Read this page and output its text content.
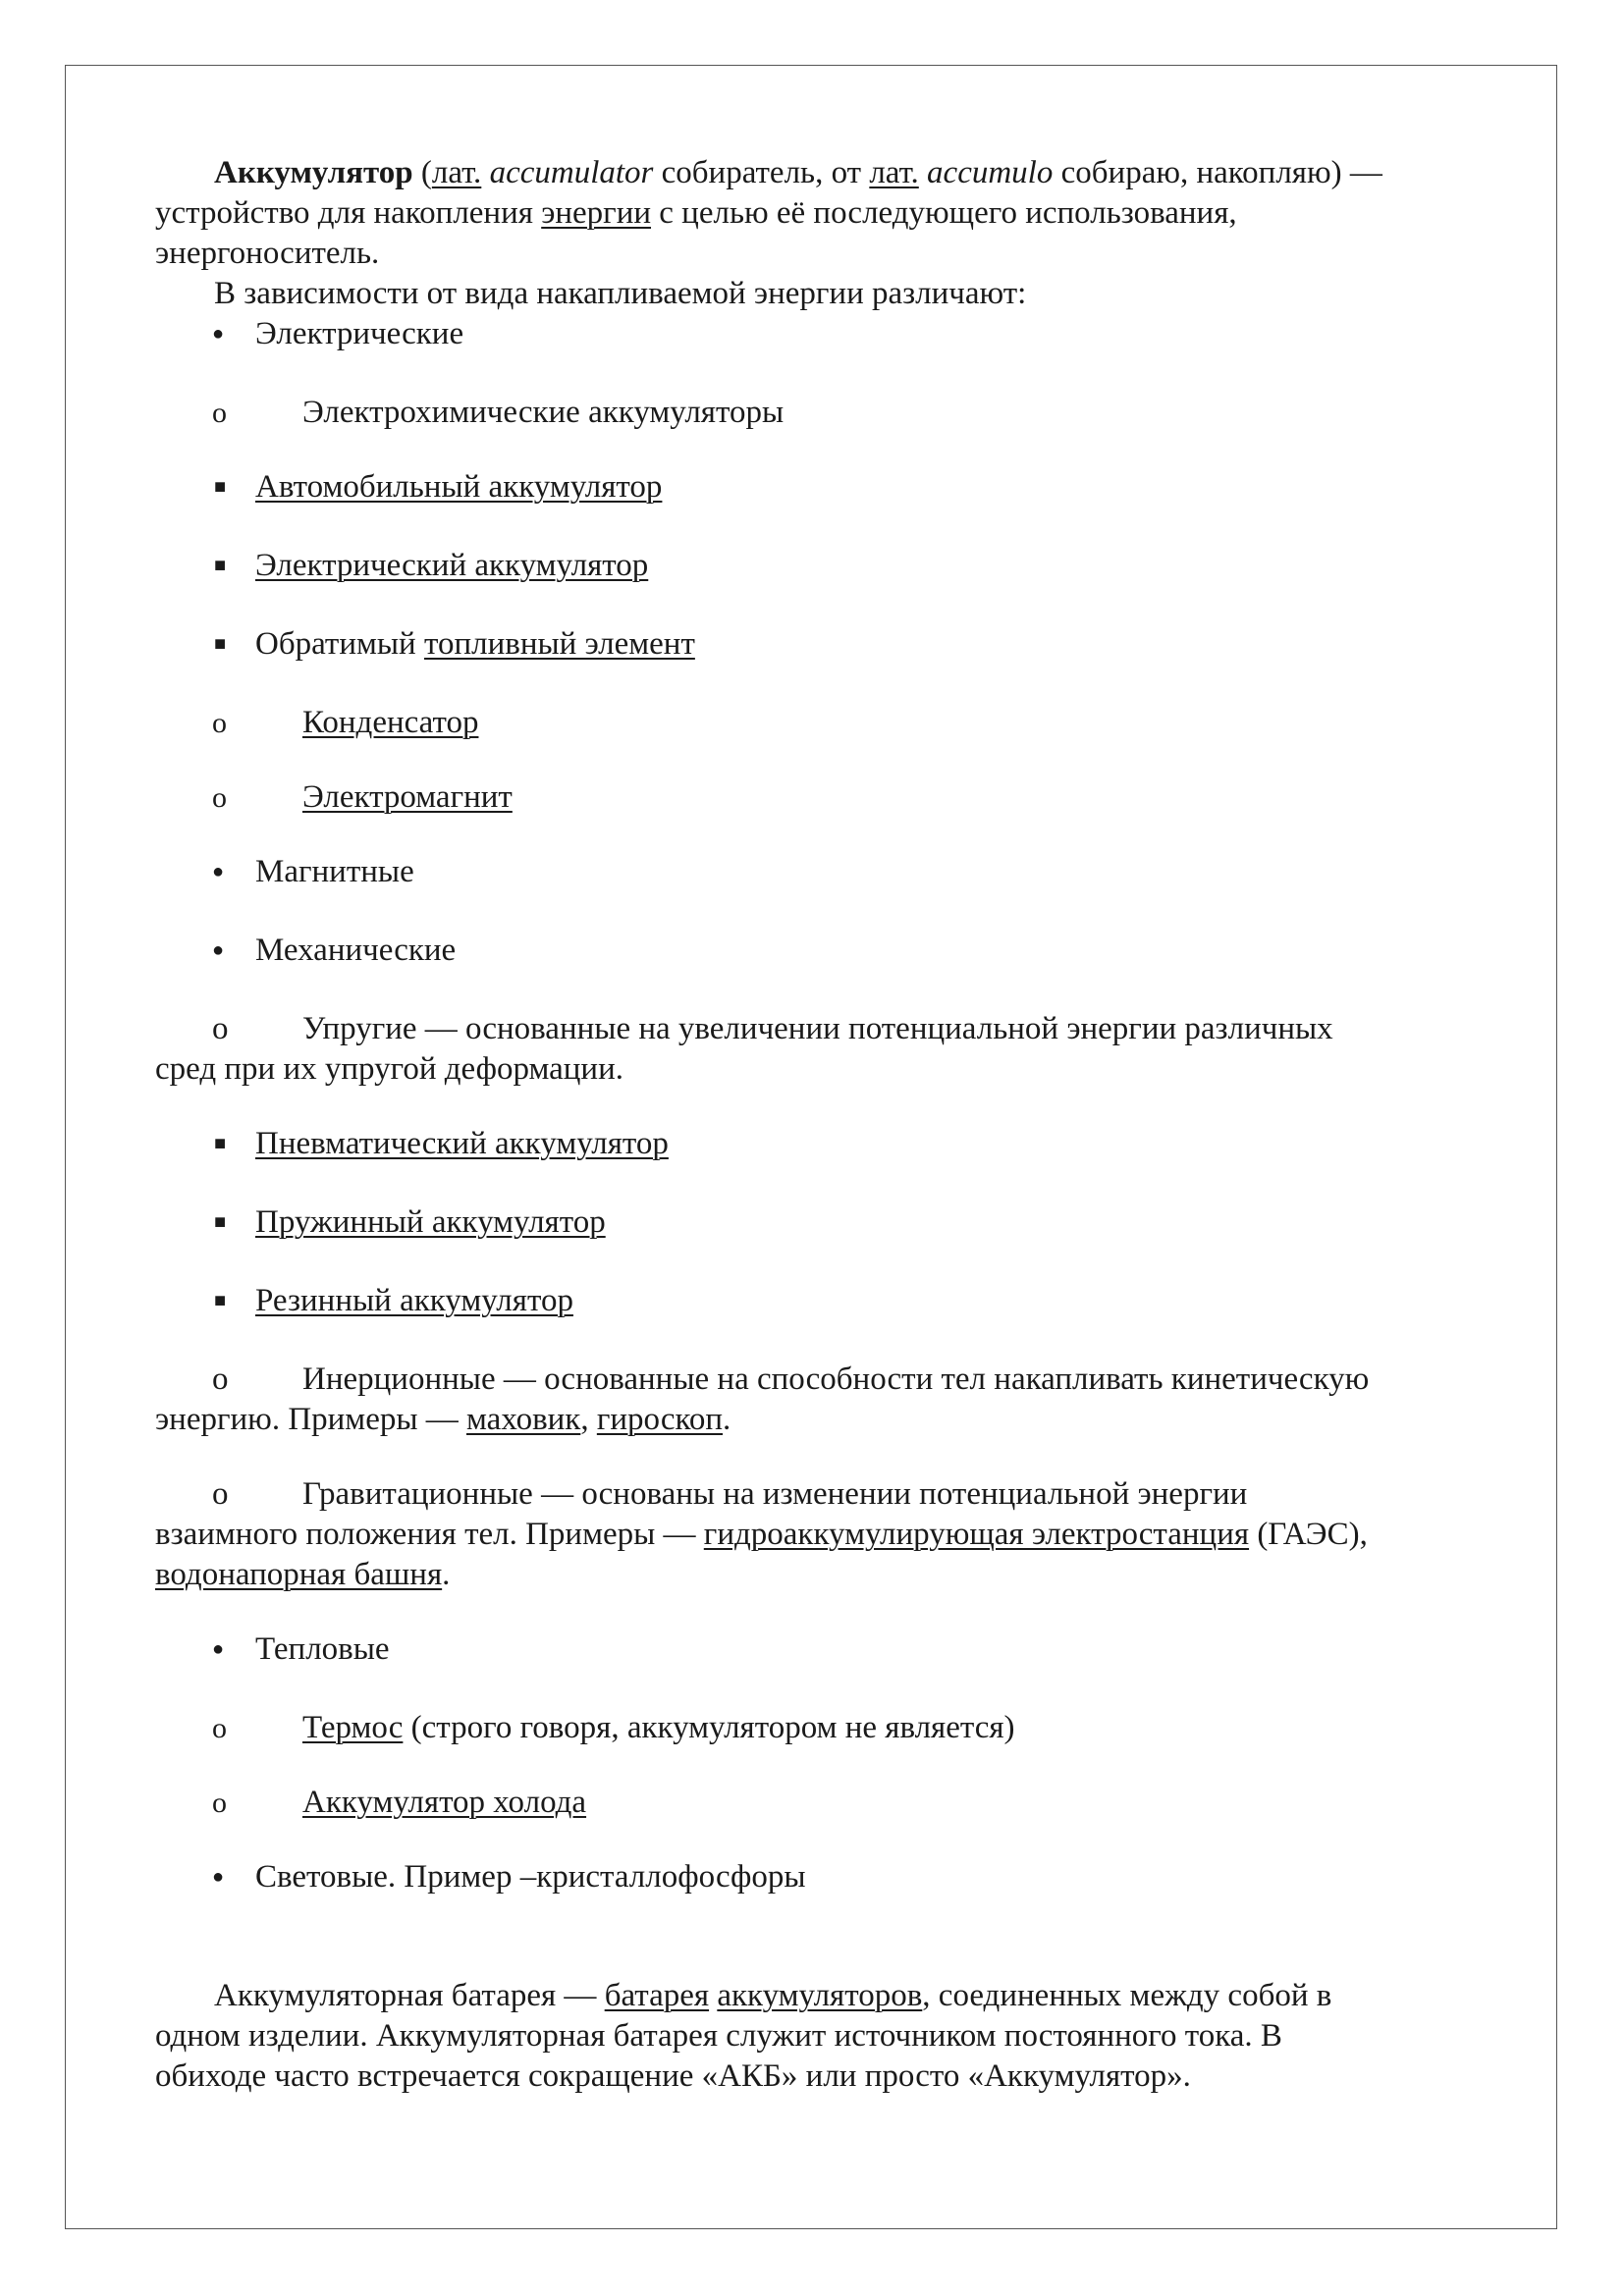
Аккумулятор (лат. accumulator собиратель, от лат. accumulo собираю, накопляю) —

устройство для накопления энергии с целью её последующего использования,

энергоноситель.

В зависимости от вида накапливаемой энергии различают:

● Электрические
o	Электрохимические аккумуляторы
■ Автомобильный аккумулятор
■ Электрический аккумулятор
■ Обратимый топливный элемент
o	Конденсатор
o	Электромагнит
● Магнитные
● Механические

o Упругие — основанные на увеличении потенциальной энергии различных
сред при их упругой деформации.

■ Пневматический аккумулятор
■ Пружинный аккумулятор
■ Резинный аккумулятор

o Инерционные — основанные на способности тел накапливать кинетическую
энергию. Примеры — маховик, гироскоп.

o Гравитационные — основаны на изменении потенциальной энергии
взаимного положения тел. Примеры — гидроаккумулирующая электростанция (ГАЭС),
водонапорная башня.

● Тепловые
o	Термос (строго говоря, аккумулятором не является)
o	Аккумулятор холода
● Световые. Пример –кристаллофосфоры

Аккумуляторная батарея — батарея аккумуляторов, соединенных между собой в

одном изделии. Аккумуляторная батарея служит источником постоянного тока. В

обиходе часто встречается сокращение «АКБ» или просто «Аккумулятор».
